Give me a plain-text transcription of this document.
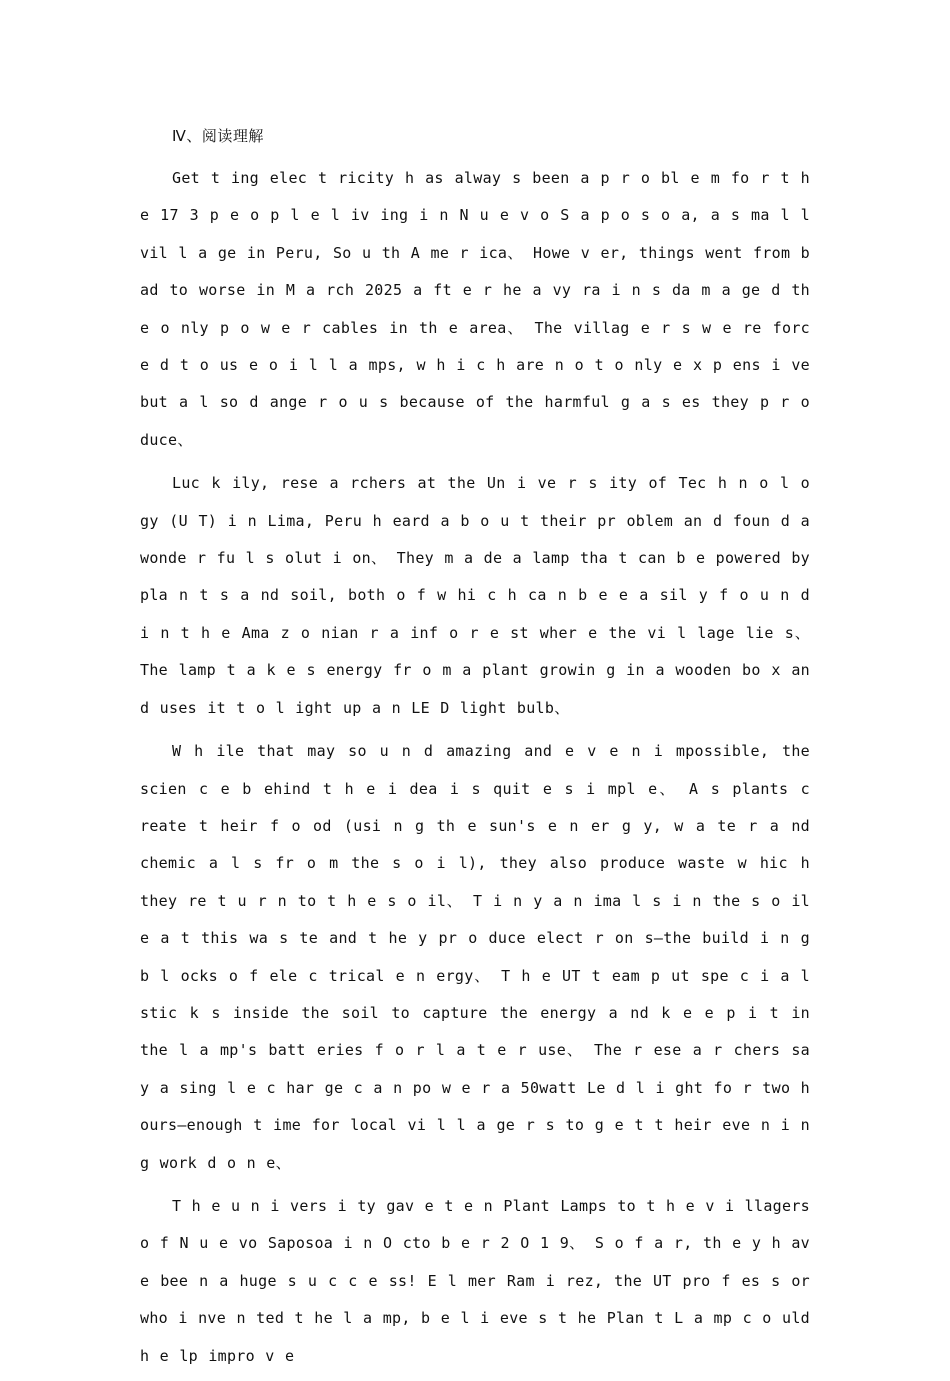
Ⅳ、阅读理解

Get t ing elec t ricity h as alway s been a p r o bl e m fo r t h e 17 3 p e o p l e l iv ing i n N u e v o S a p o s o a, a s ma l l vil l a ge in Peru, So u th A me r ica、 Howe v er, things went from b ad to worse in M a rch 2025 a ft e r he a vy ra i n s da m a ge d th e o nly p o w e r cables in th e area、 The villag e r s w e re forc e d t o us e o i l l a mps, w h i c h are n o t o nly e x p ens i ve but a l so d ange r o u s because of the harmful g a s es they p r o duce、

Luc k ily, rese a rchers at the Un i ve r s ity of Tec h n o l o gy (U T) i n Lima, Peru h eard a b o u t their pr oblem an d foun d a wonde r fu l s olut i on、 They m a de a lamp tha t can b e powered by pla n t s a nd soil, both o f w hi c h ca n b e e a sil y f o u n d i n t h e Ama z o nian r a inf o r e st wher e the vi l lage lie s、 The lamp t a k e s energy fr o m a plant growin g in a wooden bo x an d uses it t o l ight up a n LE D light bulb、

W h ile that may so u n d amazing and e v e n i mpossible, the scien c e b ehind t h e i dea i s quit e s i mpl e、 A s plants c reate t heir f o od (usi n g th e sun's e n er g y, w a te r a nd chemic a l s fr o m the s o i l), they also produce waste w hic h they re t u r n to t h e s o il、 T i n y a n ima l s i n the s o il e a t this wa s te and t he y pr o duce elect r on s—the build i n g b l ocks o f ele c trical e n ergy、 T h e UT t eam p ut spe c i a l stic k s inside the soil to capture the energy a nd k e e p i t in the l a mp's batt eries f o r l a t e r use、 The r ese a r chers sa y a sing l e c har ge c a n po w e r a 50watt Le d l i ght fo r two h ours—enough t ime for local vi l l a ge r s to g e t t heir eve n i n g work d o n e、

T h e u n i vers i ty gav e t e n Plant Lamps to t h e v i llagers o f N u e vo Saposoa i n O cto b e r 2 O 1 9、 S o f a r, th e y h av e bee n a huge s u c c e ss! E l mer Ram i rez, the UT pro f es s or who i nve n ted t he l a mp, b e l i eve s t he Plan t L a mp c o uld h e lp impro v e
